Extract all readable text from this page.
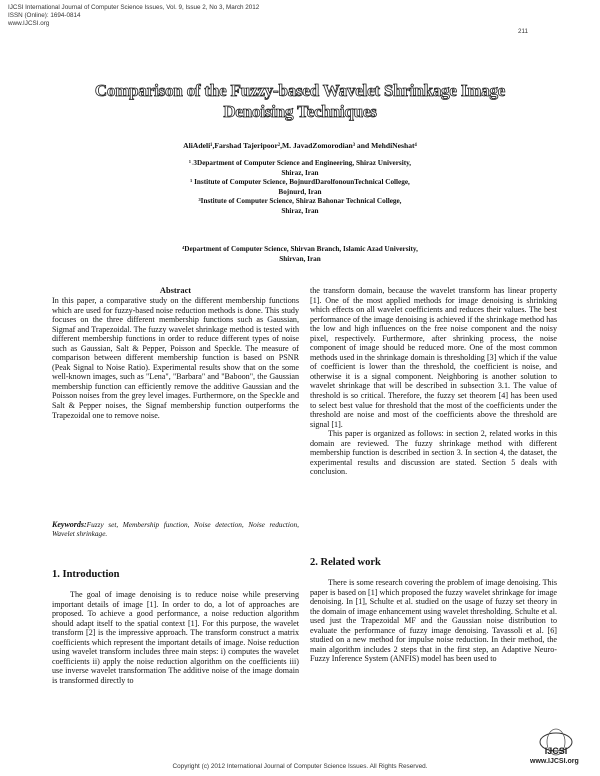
IJCSI International Journal of Computer Science Issues, Vol. 9, Issue 2, No 3, March 2012
ISSN (Online): 1694-0814
www.IJCSI.org
211
Comparison of the Fuzzy-based Wavelet Shrinkage Image
Denoising Techniques
AliAdeli¹,Farshad Tajeripoor²,M. JavadZomorodian³ and MehdiNeshat⁴
¹˒3Department of Computer Science and Engineering, Shiraz University,
Shiraz, Iran
¹ Institute of Computer Science, BojnurdDarolfonounTechnical College,
Bojnurd, Iran
³Institute of Computer Science, Shiraz Bahonar Technical College,
Shiraz, Iran
⁴Department of Computer Science, Shirvan Branch, Islamic Azad University,
Shirvan, Iran
Abstract
In this paper, a comparative study on the different membership functions which are used for fuzzy-based noise reduction methods is done. This study focuses on the three different membership functions such as Gaussian, Sigmaf and Trapezoidal. The fuzzy wavelet shrinkage method is tested with different membership functions in order to reduce different types of noise such as Gaussian, Salt & Pepper, Poisson and Speckle. The measure of comparison between different membership function is based on PSNR (Peak Signal to Noise Ratio). Experimental results show that on the some well-known images, such as "Lena", "Barbara" and "Baboon", the Gaussian membership function can efficiently remove the additive Gaussian and the Poisson noises from the grey level images. Furthermore, on the Speckle and Salt & Pepper noises, the Signaf membership function outperforms the Trapezoidal one to remove noise.
Keywords:Fuzzy set, Membership function, Noise detection, Noise reduction, Wavelet shrinkage.
1. Introduction
The goal of image denoising is to reduce noise while preserving important details of image [1]. In order to do, a lot of approaches are proposed. To achieve a good performance, a noise reduction algorithm should adapt itself to the spatial context [1]. For this purpose, the wavelet transform [2] is the impressive approach. The transform construct a matrix coefficients which represent the important details of image. Noise reduction using wavelet transform includes three main steps: i) computes the wavelet coefficients ii) apply the noise reduction algorithm on the coefficients iii) use inverse wavelet transformation The additive noise of the image domain is transformed directly to

the transform domain, because the wavelet transform has linear property [1]. One of the most applied methods for image denoising is shrinking which effects on all wavelet coefficients and reduces their values. The best performance of the image denoising is achieved if the shrinkage method has the low and high influences on the free noise component and the noisy pixel, respectively. Furthermore, after shrinking process, the noise component of image should be reduced more. One of the most common methods used in the shrinkage domain is thresholding [3] which if the value of coefficient is lower than the threshold, the coefficient is noise, and otherwise it is a signal component. Neighboring is another solution to wavelet shrinkage that will be described in subsection 3.1. The value of threshold is so critical. Therefore, the fuzzy set theorem [4] has been used to select best value for threshold that the most of the coefficients under the threshold are noise and most of the coefficients above the threshold are signal [1].

This paper is organized as follows: in section 2, related works in this domain are reviewed. The fuzzy shrinkage method with different membership function is described in section 3. In section 4, the dataset, the experimental results and discussion are stated. Section 5 deals with conclusion.

2. Related work
There is some research covering the problem of image denoising. This paper is based on [1] which proposed the fuzzy wavelet shrinkage for image denoising. In [1], Schulte et al. studied on the usage of fuzzy set theory in the domain of image enhancement using wavelet thresholding. Schulte et al. used just the Trapezoidal MF and the Gaussian noise distribution to evaluate the performance of fuzzy image denoising. Tavassoli et al. [6] studied on a new method for impulse noise reduction. In their method, the main algorithm includes 2 steps that in the first step, an Adaptive Neuro-Fuzzy Inference System (ANFIS) model has been used to
IJCSI
www.IJCSI.org
Copyright (c) 2012 International Journal of Computer Science Issues. All Rights Reserved.
